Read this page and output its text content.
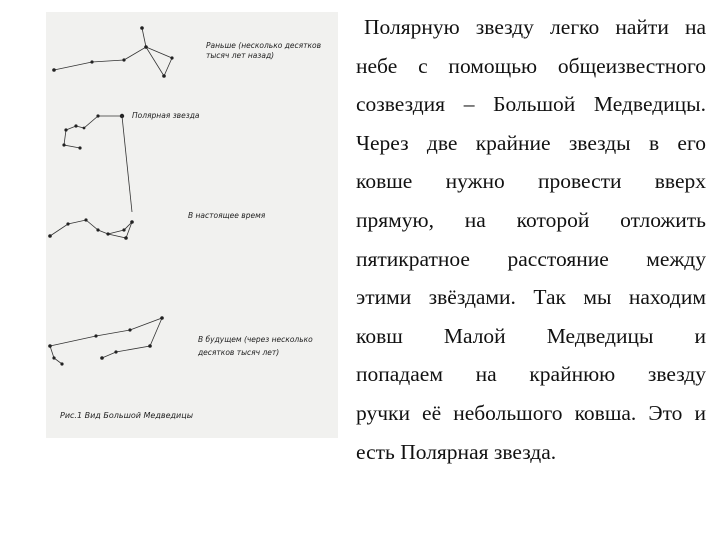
Раньше (несколько десятков
тысяч лет назад)
Полярная звезда
В настоящее время
В будущем (через несколько
десятков тысяч лет)
Рис.1 Вид Большой Медведицы
Полярную звезду легко найти на
небе с помощью общеизвестного
созвездия – Большой Медведицы.
Через две крайние звезды в его
ковше нужно провести вверх
прямую, на которой отложить
пятикратное расстояние между
этими звёздами. Так мы находим
ковш Малой Медведицы и
попадаем на крайнюю звезду
ручки её небольшого ковша. Это и
есть Полярная звезда.
